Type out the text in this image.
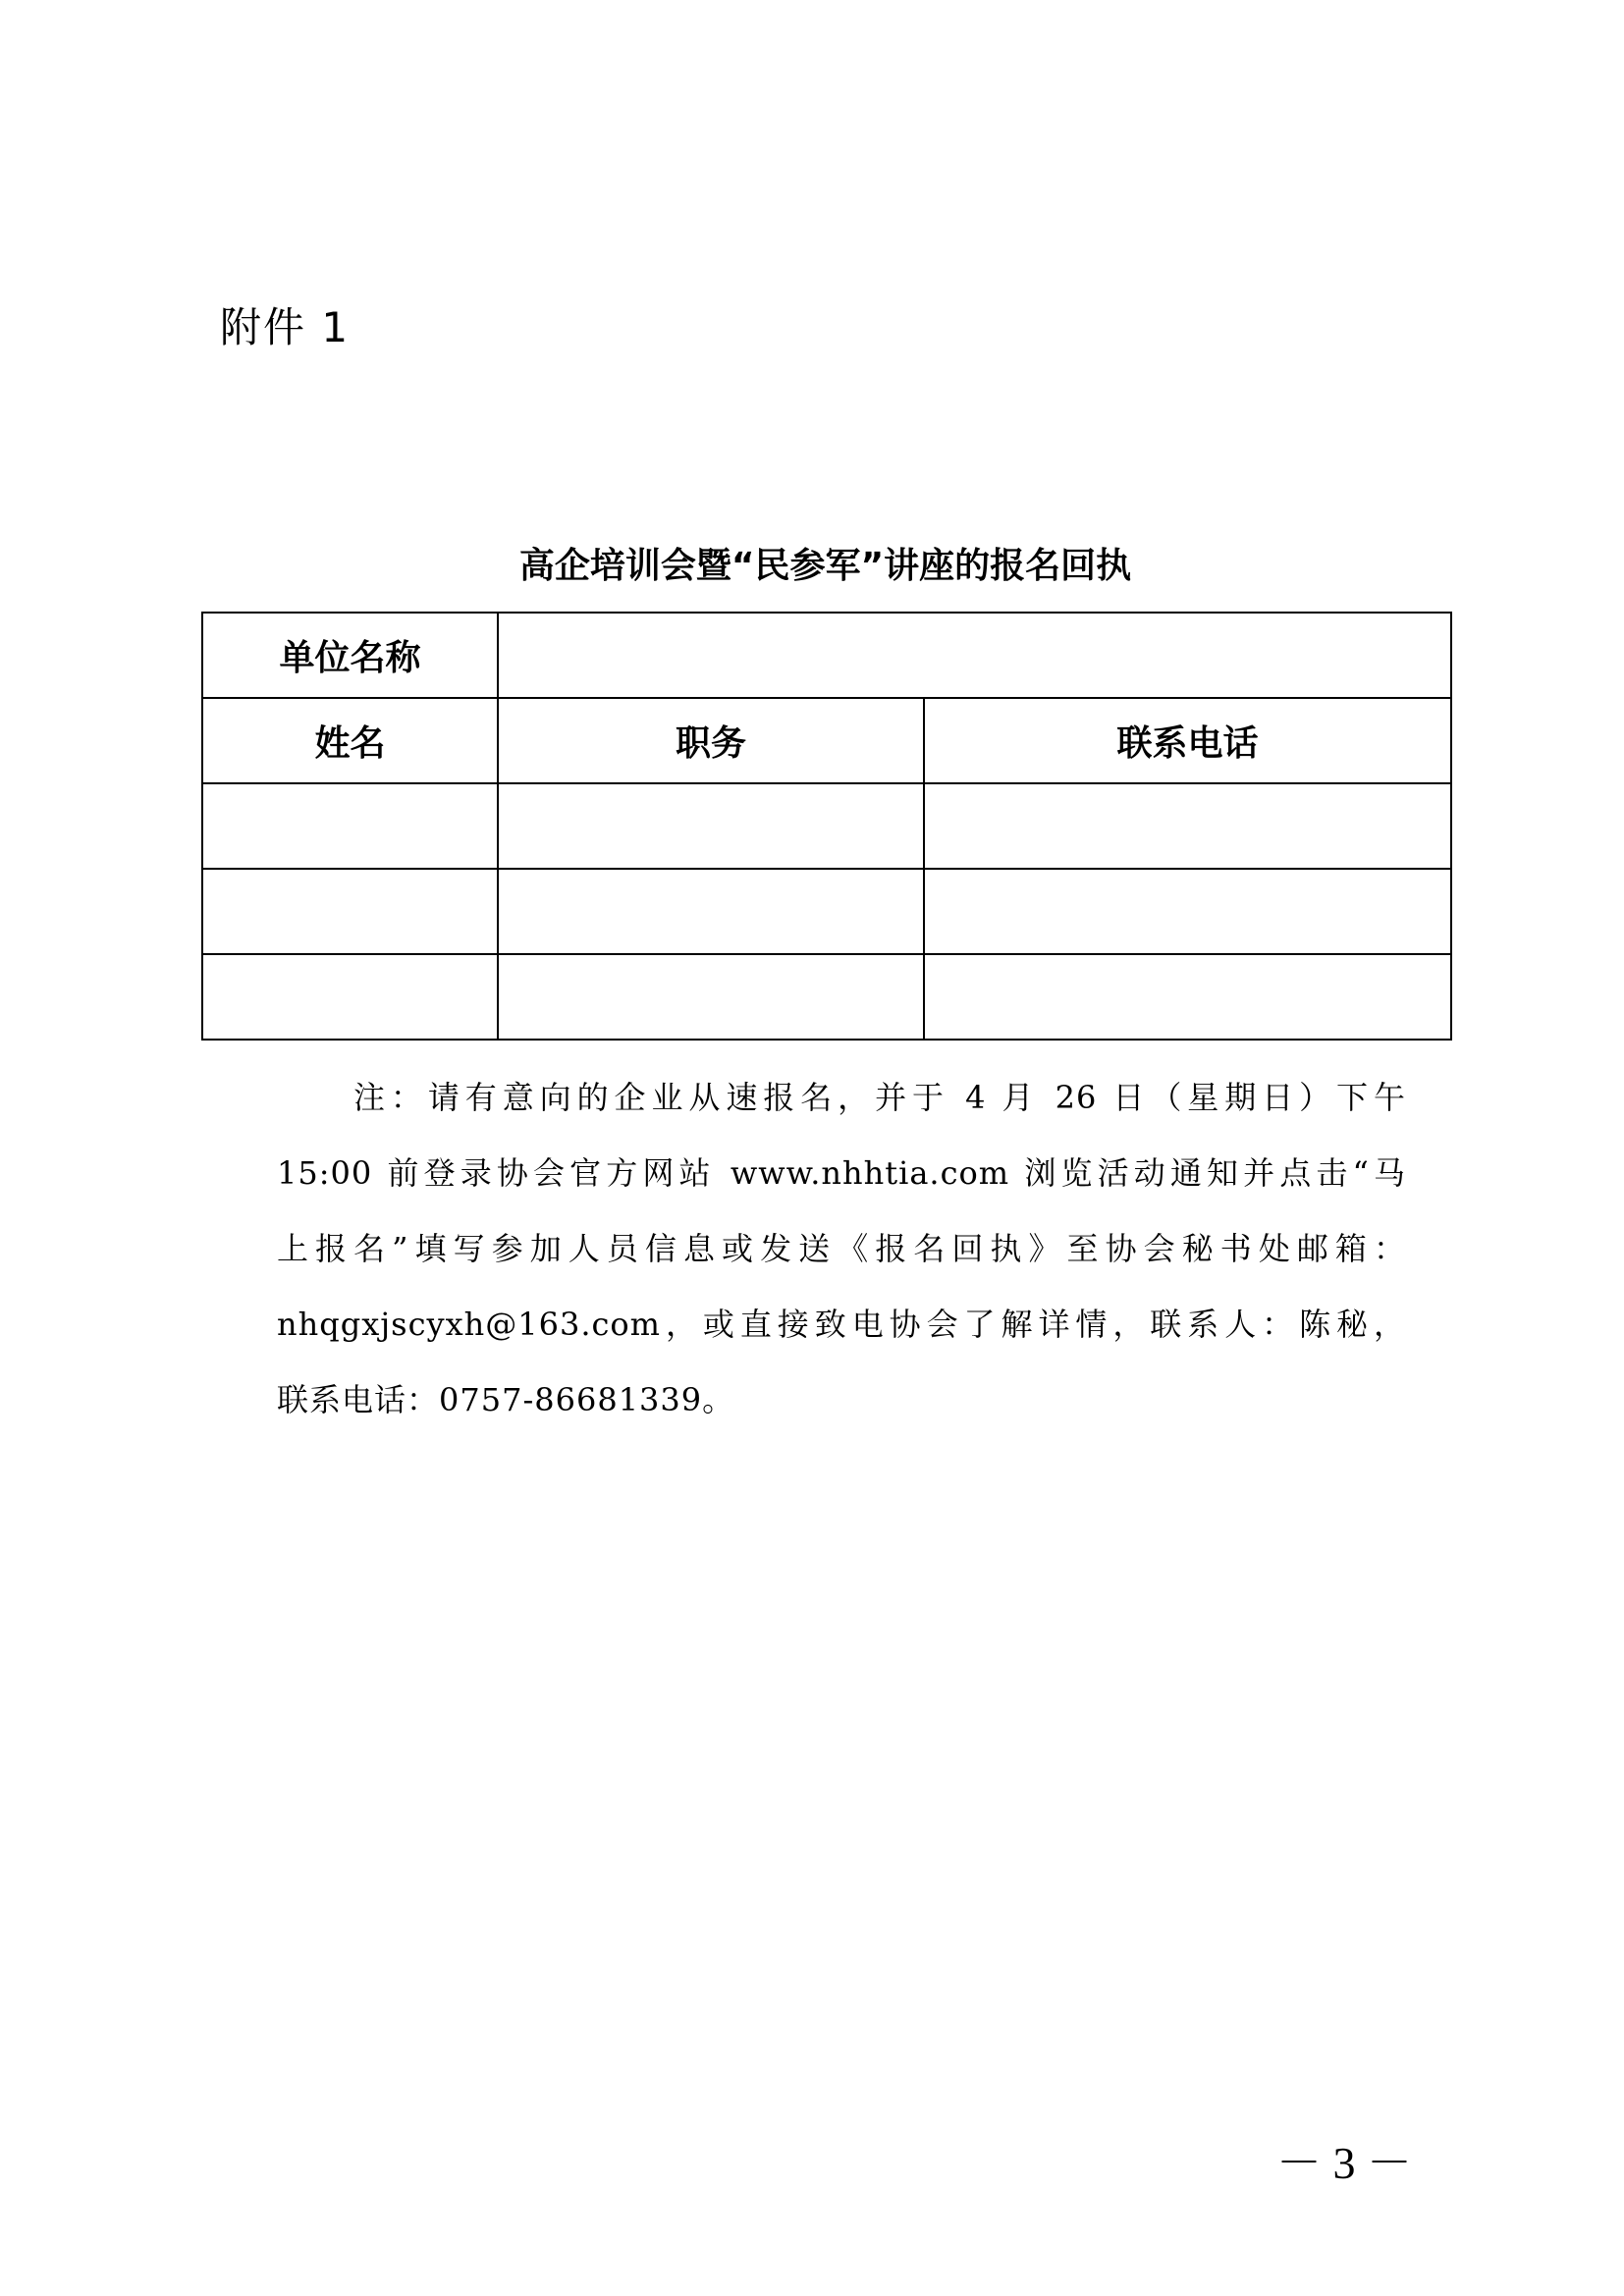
附件 1
高企培训会暨“民参军”讲座的报名回执
单位名称		
姓名	职务	联系电话

注：请有意向的企业从速报名，并于 4 月 26 日（星期日）下午
15:00 前登录协会官方网站 www.nhhtia.com 浏览活动通知并点击“马
上报名”填写参加人员信息或发送《报名回执》至协会秘书处邮箱：
nhqgxjscyxh@163.com，或直接致电协会了解详情，联系人：陈秘，
联系电话：0757-86681339。
－ 3 －
